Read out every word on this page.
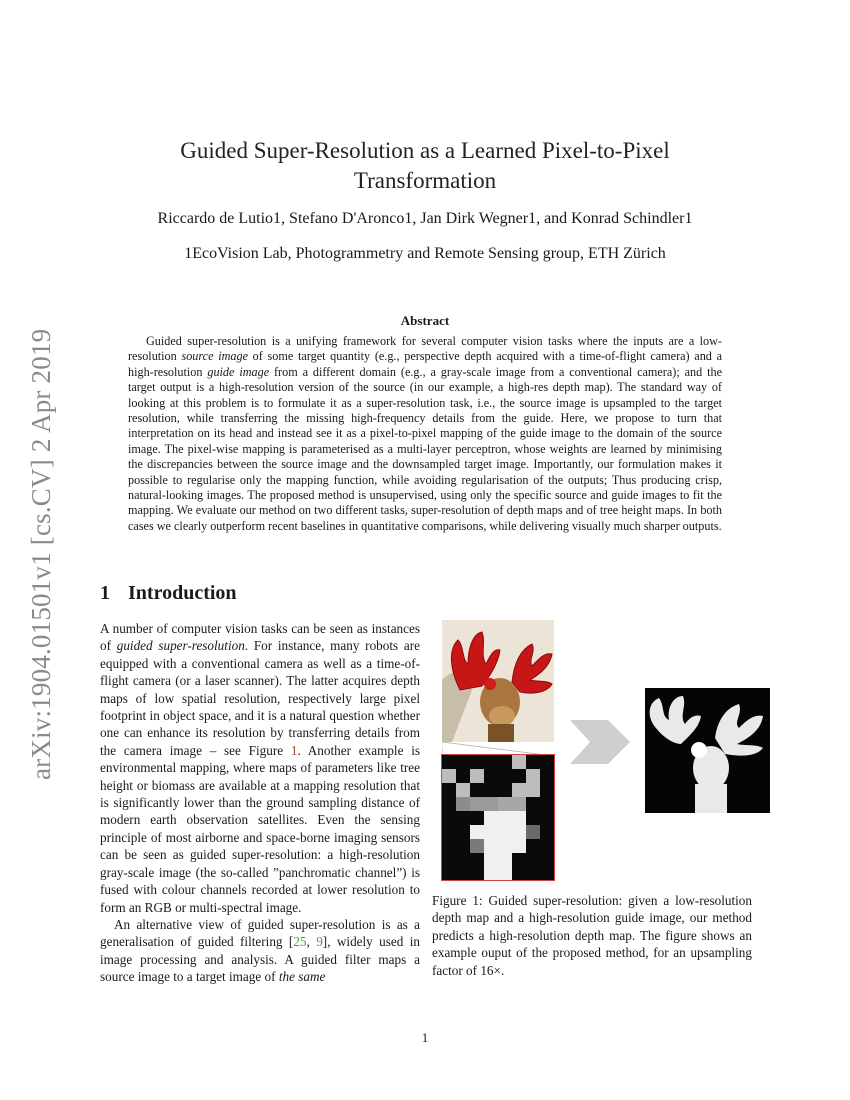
arXiv:1904.01501v1 [cs.CV] 2 Apr 2019
Guided Super-Resolution as a Learned Pixel-to-Pixel Transformation
Riccardo de Lutio1, Stefano D'Aronco1, Jan Dirk Wegner1, and Konrad Schindler1
1EcoVision Lab, Photogrammetry and Remote Sensing group, ETH Zürich
Abstract
Guided super-resolution is a unifying framework for several computer vision tasks where the inputs are a low-resolution source image of some target quantity (e.g., perspective depth acquired with a time-of-flight camera) and a high-resolution guide image from a different domain (e.g., a gray-scale image from a conventional camera); and the target output is a high-resolution version of the source (in our example, a high-res depth map). The standard way of looking at this problem is to formulate it as a super-resolution task, i.e., the source image is upsampled to the target resolution, while transferring the missing high-frequency details from the guide. Here, we propose to turn that interpretation on its head and instead see it as a pixel-to-pixel mapping of the guide image to the domain of the source image. The pixel-wise mapping is parameterised as a multi-layer perceptron, whose weights are learned by minimising the discrepancies between the source image and the downsampled target image. Importantly, our formulation makes it possible to regularise only the mapping function, while avoiding regularisation of the outputs; Thus producing crisp, natural-looking images. The proposed method is unsupervised, using only the specific source and guide images to fit the mapping. We evaluate our method on two different tasks, super-resolution of depth maps and of tree height maps. In both cases we clearly outperform recent baselines in quantitative comparisons, while delivering visually much sharper outputs.
1 Introduction

A number of computer vision tasks can be seen as instances of guided super-resolution. For instance, many robots are equipped with a conventional camera as well as a time-of-flight camera (or a laser scanner). The latter acquires depth maps of low spatial resolution, respectively large pixel footprint in object space, and it is a natural question whether one can enhance its resolution by transferring details from the camera image – see Figure 1. Another example is environmental mapping, where maps of parameters like tree height or biomass are available at a mapping resolution that is significantly lower than the ground sampling distance of modern earth observation satellites. Even the sensing principle of most airborne and space-borne imaging sensors can be seen as guided super-resolution: a high-resolution gray-scale image (the so-called ”panchromatic channel”) is fused with colour channels recorded at lower resolution to form an RGB or multi-spectral image.

An alternative view of guided super-resolution is as a generalisation of guided filtering [25, 9], widely used in image processing and analysis. A guided filter maps a source image to a target image of the same

Figure 1: Guided super-resolution: given a low-resolution depth map and a high-resolution guide image, our method predicts a high-resolution depth map. The figure shows an example ouput of the proposed method, for an upsampling factor of 16×.
1
